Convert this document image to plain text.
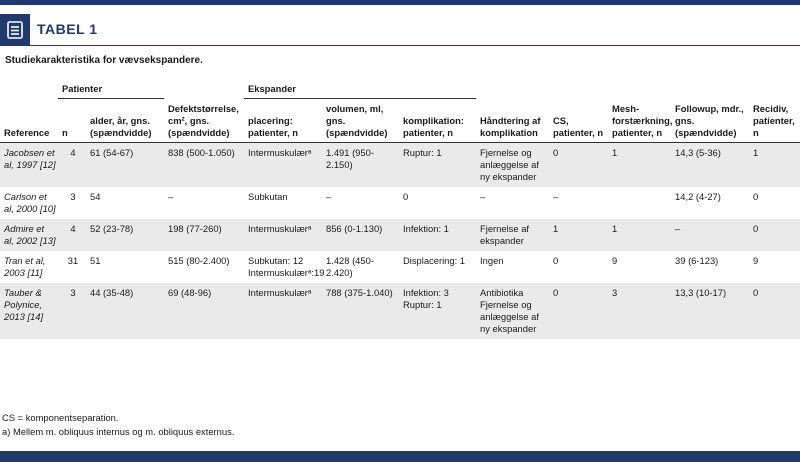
TABEL 1
Studiekarakteristika for vævsekspandere.
	Patienter			Ekspander							
Reference	n	alder, år, gns. (spændvidde)	Defektstørrelse, cm², gns. (spændvidde)	placering: patienter, n	volumen, ml, gns. (spændvidde)	komplikation: patienter, n	Håndtering af komplikation	CS, patienter, n	Mesh-forstærkning, patienter, n	Followup, mdr., gns. (spændvidde)	Recidiv, patienter, n
Jacobsen et al, 1997 [12]	4	61 (54-67)	838 (500-1.050)	Intermuskulærᵃ	1.491 (950-2.150)	Ruptur: 1	Fjernelse og anlæggelse af ny ekspander	0	1	14,3 (5-36)	1
Carlson et al, 2000 [10]	3	54	–	Subkutan	–	0	–	–		14,2 (4-27)	0
Admire et al, 2002 [13]	4	52 (23-78)	198 (77-260)	Intermuskulærᵃ	856 (0-1.130)	Infektion: 1	Fjernelse af ekspander	1	1	–	0
Tran et al, 2003 [11]	31	51	515 (80-2.400)	Subkutan: 12 Intermuskulærᵃ:19	1.428 (450-2.420)	Displacering: 1	Ingen	0	9	39 (6-123)	9
Tauber & Polynice, 2013 [14]	3	44 (35-48)	69 (48-96)	Intermuskulærᵃ	788 (375-1.040)	Infektion: 3 Ruptur: 1	Antibiotika Fjernelse og anlæggelse af ny ekspander	0	3	13,3 (10-17)	0
CS = komponentseparation.
a) Mellem m. obliquus internus og m. obliquus externus.
